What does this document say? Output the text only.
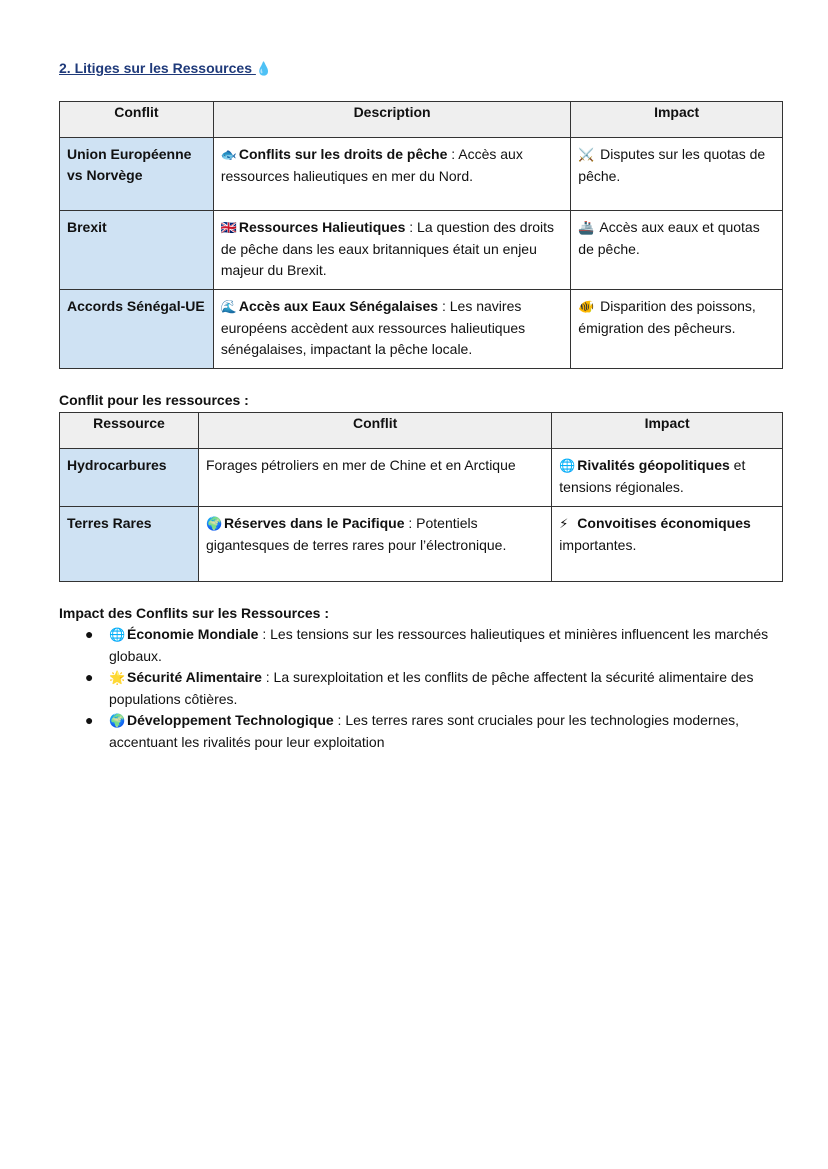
2. Litiges sur les Ressources 💧
Conflit	Description	Impact
Union Européenne vs Norvège	🐟 Conflits sur les droits de pêche : Accès aux ressources halieutiques en mer du Nord.	⚔️ Disputes sur les quotas de pêche.
Brexit	🇬🇧 Ressources Halieutiques : La question des droits de pêche dans les eaux britanniques était un enjeu majeur du Brexit.	🚢 Accès aux eaux et quotas de pêche.
Accords Sénégal-UE	🌊 Accès aux Eaux Sénégalaises : Les navires européens accèdent aux ressources halieutiques sénégalaises, impactant la pêche locale.	🐠 Disparition des poissons, émigration des pêcheurs.
Conflit pour les ressources :
Ressource	Conflit	Impact
Hydrocarbures	Forages pétroliers en mer de Chine et en Arctique	🌐 Rivalités géopolitiques et tensions régionales.
Terres Rares	🌍 Réserves dans le Pacifique : Potentiels gigantesques de terres rares pour l’électronique.	⚡ Convoitises économiques importantes.
Impact des Conflits sur les Ressources :
● 🌐 Économie Mondiale : Les tensions sur les ressources halieutiques et minières influencent les marchés globaux.
● 🌟 Sécurité Alimentaire : La surexploitation et les conflits de pêche affectent la sécurité alimentaire des populations côtières.
● 🌍 Développement Technologique : Les terres rares sont cruciales pour les technologies modernes, accentuant les rivalités pour leur exploitation
